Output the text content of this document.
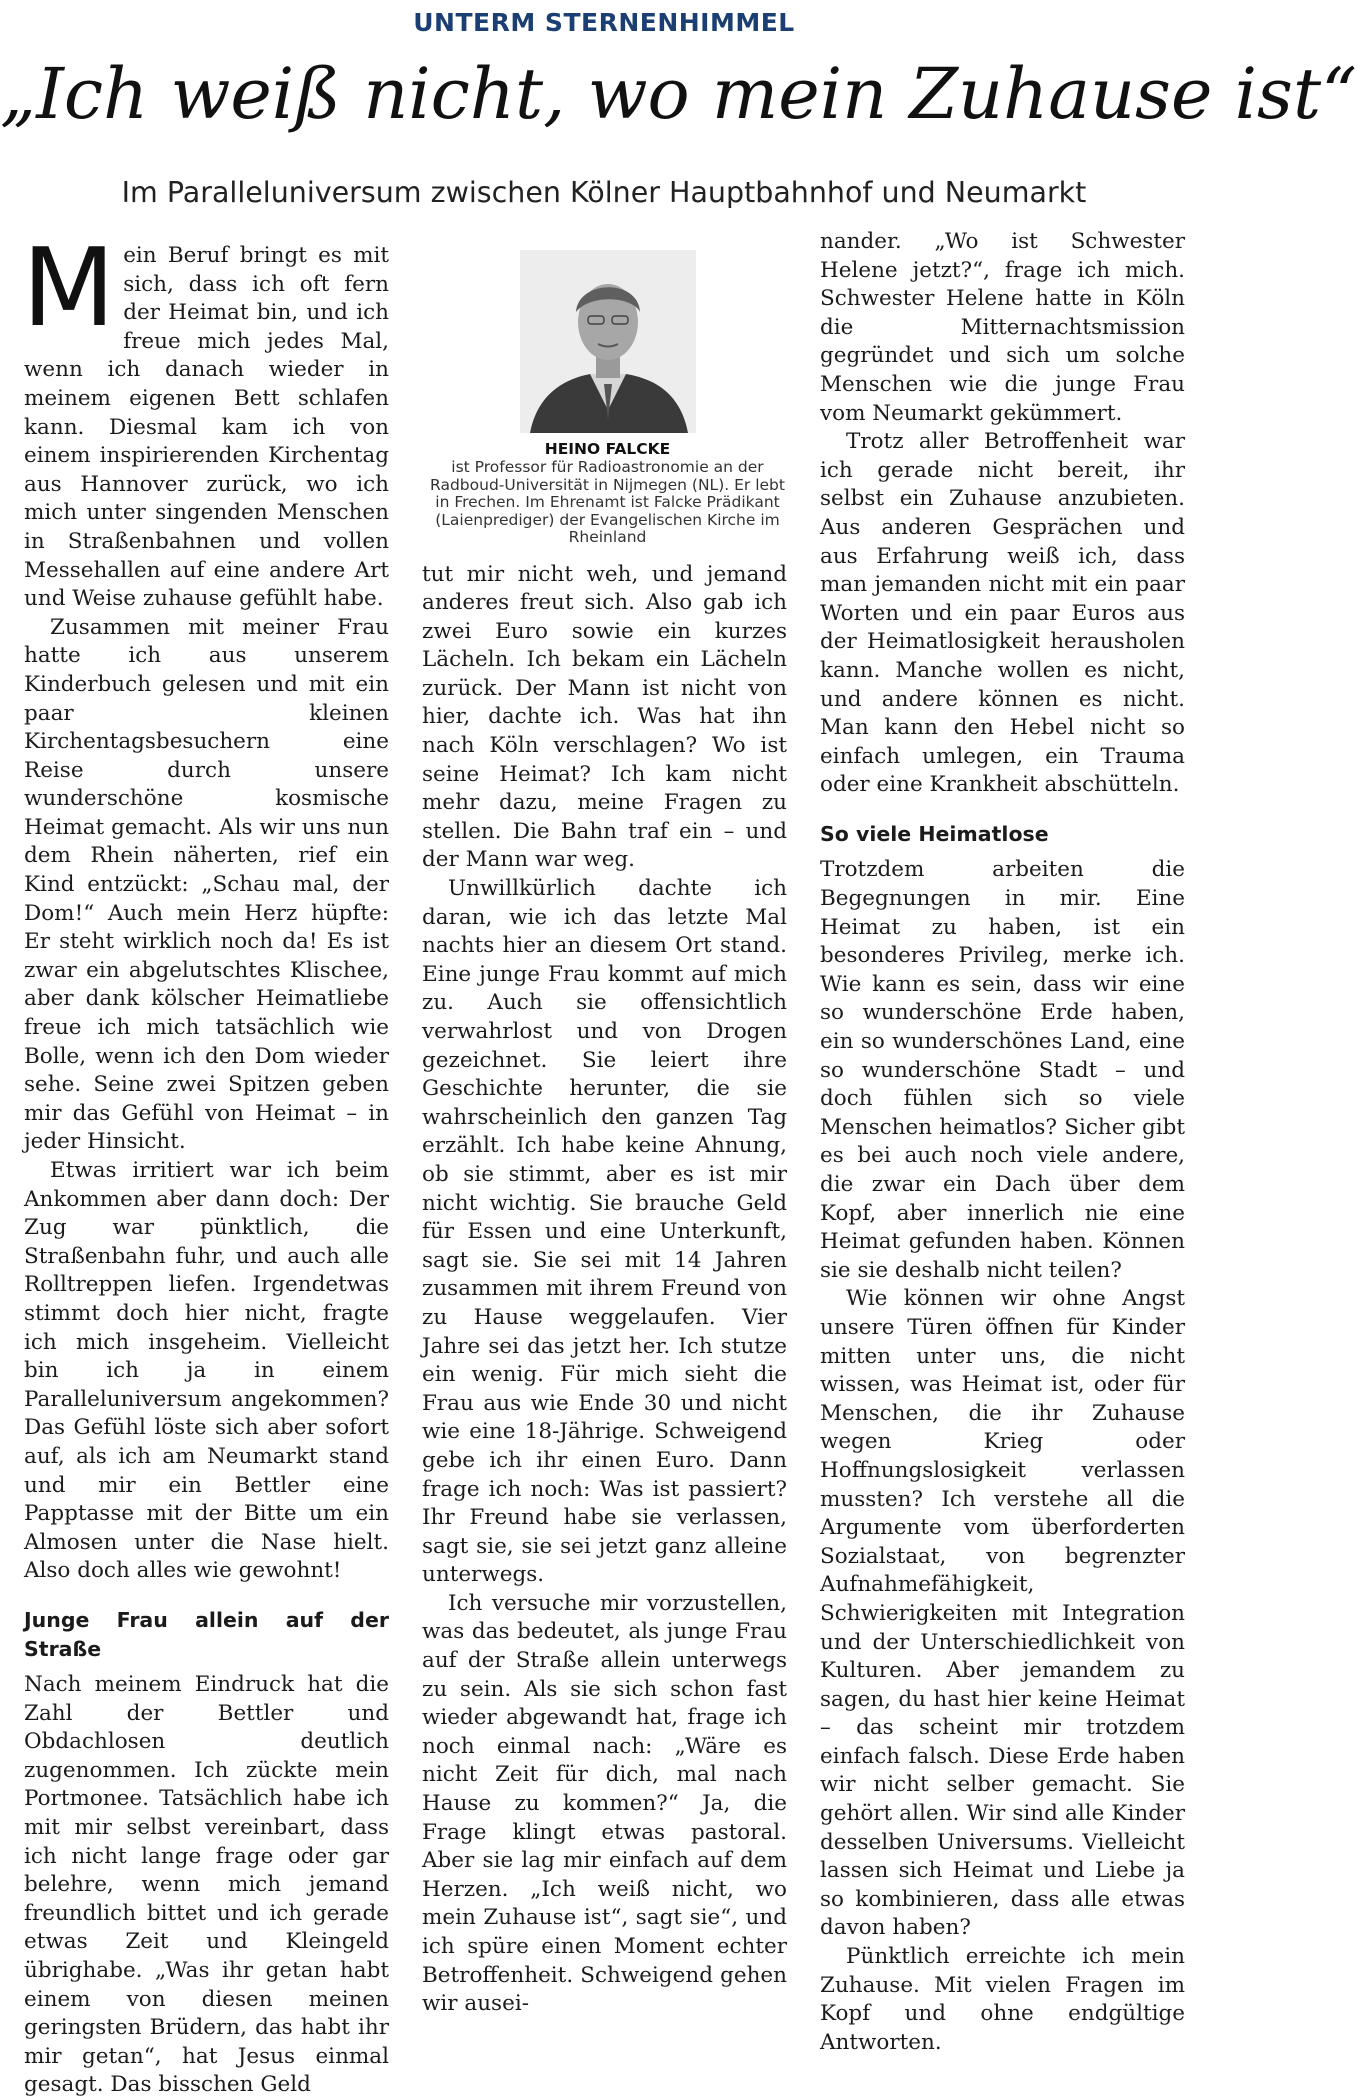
UNTERM STERNENHIMMEL
„Ich weiß nicht, wo mein Zuhause ist“
Im Paralleluniversum zwischen Kölner Hauptbahnhof und Neumarkt

Mein Beruf bringt es mit sich, dass ich oft fern der Heimat bin, und ich freue mich jedes Mal, wenn ich danach wieder in meinem eigenen Bett schlafen kann. Diesmal kam ich von einem inspirierenden Kirchentag aus Hannover zurück, wo ich mich unter singenden Menschen in Straßenbahnen und vollen Messehallen auf eine andere Art und Weise zuhause gefühlt habe.

Zusammen mit meiner Frau hatte ich aus unserem Kinderbuch gelesen und mit ein paar kleinen Kirchentagsbesuchern eine Reise durch unsere wunderschöne kosmische Heimat gemacht. Als wir uns nun dem Rhein näherten, rief ein Kind entzückt: „Schau mal, der Dom!“ Auch mein Herz hüpfte: Er steht wirklich noch da! Es ist zwar ein abgelutschtes Klischee, aber dank kölscher Heimatliebe freue ich mich tatsächlich wie Bolle, wenn ich den Dom wieder sehe. Seine zwei Spitzen geben mir das Gefühl von Heimat – in jeder Hinsicht.

Etwas irritiert war ich beim Ankommen aber dann doch: Der Zug war pünktlich, die Straßenbahn fuhr, und auch alle Rolltreppen liefen. Irgendetwas stimmt doch hier nicht, fragte ich mich insgeheim. Vielleicht bin ich ja in einem Paralleluniversum angekommen? Das Gefühl löste sich aber sofort auf, als ich am Neumarkt stand und mir ein Bettler eine Papptasse mit der Bitte um ein Almosen unter die Nase hielt. Also doch alles wie gewohnt!

Junge Frau allein auf der Straße

Nach meinem Eindruck hat die Zahl der Bettler und Obdachlosen deutlich zugenommen. Ich zückte mein Portmonee. Tatsächlich habe ich mit mir selbst vereinbart, dass ich nicht lange frage oder gar belehre, wenn mich jemand freundlich bittet und ich gerade etwas Zeit und Kleingeld übrighabe. „Was ihr getan habt einem von diesen meinen geringsten Brüdern, das habt ihr mir getan“, hat Jesus einmal gesagt. Das bisschen Geld

HEINO FALCKE
ist Professor für Radioastronomie an der Radboud-Universität in Nijmegen (NL). Er lebt in Frechen. Im Ehrenamt ist Falcke Prädikant (Laienprediger) der Evangelischen Kirche im Rheinland

tut mir nicht weh, und jemand anderes freut sich. Also gab ich zwei Euro sowie ein kurzes Lächeln. Ich bekam ein Lächeln zurück. Der Mann ist nicht von hier, dachte ich. Was hat ihn nach Köln verschlagen? Wo ist seine Heimat? Ich kam nicht mehr dazu, meine Fragen zu stellen. Die Bahn traf ein – und der Mann war weg.

Unwillkürlich dachte ich daran, wie ich das letzte Mal nachts hier an diesem Ort stand. Eine junge Frau kommt auf mich zu. Auch sie offensichtlich verwahrlost und von Drogen gezeichnet. Sie leiert ihre Geschichte herunter, die sie wahrscheinlich den ganzen Tag erzählt. Ich habe keine Ahnung, ob sie stimmt, aber es ist mir nicht wichtig. Sie brauche Geld für Essen und eine Unterkunft, sagt sie. Sie sei mit 14 Jahren zusammen mit ihrem Freund von zu Hause weggelaufen. Vier Jahre sei das jetzt her. Ich stutze ein wenig. Für mich sieht die Frau aus wie Ende 30 und nicht wie eine 18-Jährige. Schweigend gebe ich ihr einen Euro. Dann frage ich noch: Was ist passiert? Ihr Freund habe sie verlassen, sagt sie, sie sei jetzt ganz alleine unterwegs.

Ich versuche mir vorzustellen, was das bedeutet, als junge Frau auf der Straße allein unterwegs zu sein. Als sie sich schon fast wieder abgewandt hat, frage ich noch einmal nach: „Wäre es nicht Zeit für dich, mal nach Hause zu kommen?“ Ja, die Frage klingt etwas pastoral. Aber sie lag mir einfach auf dem Herzen. „Ich weiß nicht, wo mein Zuhause ist“, sagt sie“, und ich spüre einen Moment echter Betroffenheit. Schweigend gehen wir ausei-

nander. „Wo ist Schwester Helene jetzt?“, frage ich mich. Schwester Helene hatte in Köln die Mitternachtsmission gegründet und sich um solche Menschen wie die junge Frau vom Neumarkt gekümmert.

Trotz aller Betroffenheit war ich gerade nicht bereit, ihr selbst ein Zuhause anzubieten. Aus anderen Gesprächen und aus Erfahrung weiß ich, dass man jemanden nicht mit ein paar Worten und ein paar Euros aus der Heimatlosigkeit herausholen kann. Manche wollen es nicht, und andere können es nicht. Man kann den Hebel nicht so einfach umlegen, ein Trauma oder eine Krankheit abschütteln.

So viele Heimatlose

Trotzdem arbeiten die Begegnungen in mir. Eine Heimat zu haben, ist ein besonderes Privileg, merke ich. Wie kann es sein, dass wir eine so wunderschöne Erde haben, ein so wunderschönes Land, eine so wunderschöne Stadt – und doch fühlen sich so viele Menschen heimatlos? Sicher gibt es bei auch noch viele andere, die zwar ein Dach über dem Kopf, aber innerlich nie eine Heimat gefunden haben. Können sie sie deshalb nicht teilen?

Wie können wir ohne Angst unsere Türen öffnen für Kinder mitten unter uns, die nicht wissen, was Heimat ist, oder für Menschen, die ihr Zuhause wegen Krieg oder Hoffnungslosigkeit verlassen mussten? Ich verstehe all die Argumente vom überforderten Sozialstaat, von begrenzter Aufnahmefähigkeit, Schwierigkeiten mit Integration und der Unterschiedlichkeit von Kulturen. Aber jemandem zu sagen, du hast hier keine Heimat – das scheint mir trotzdem einfach falsch. Diese Erde haben wir nicht selber gemacht. Sie gehört allen. Wir sind alle Kinder desselben Universums. Vielleicht lassen sich Heimat und Liebe ja so kombinieren, dass alle etwas davon haben?

Pünktlich erreichte ich mein Zuhause. Mit vielen Fragen im Kopf und ohne endgültige Antworten.
